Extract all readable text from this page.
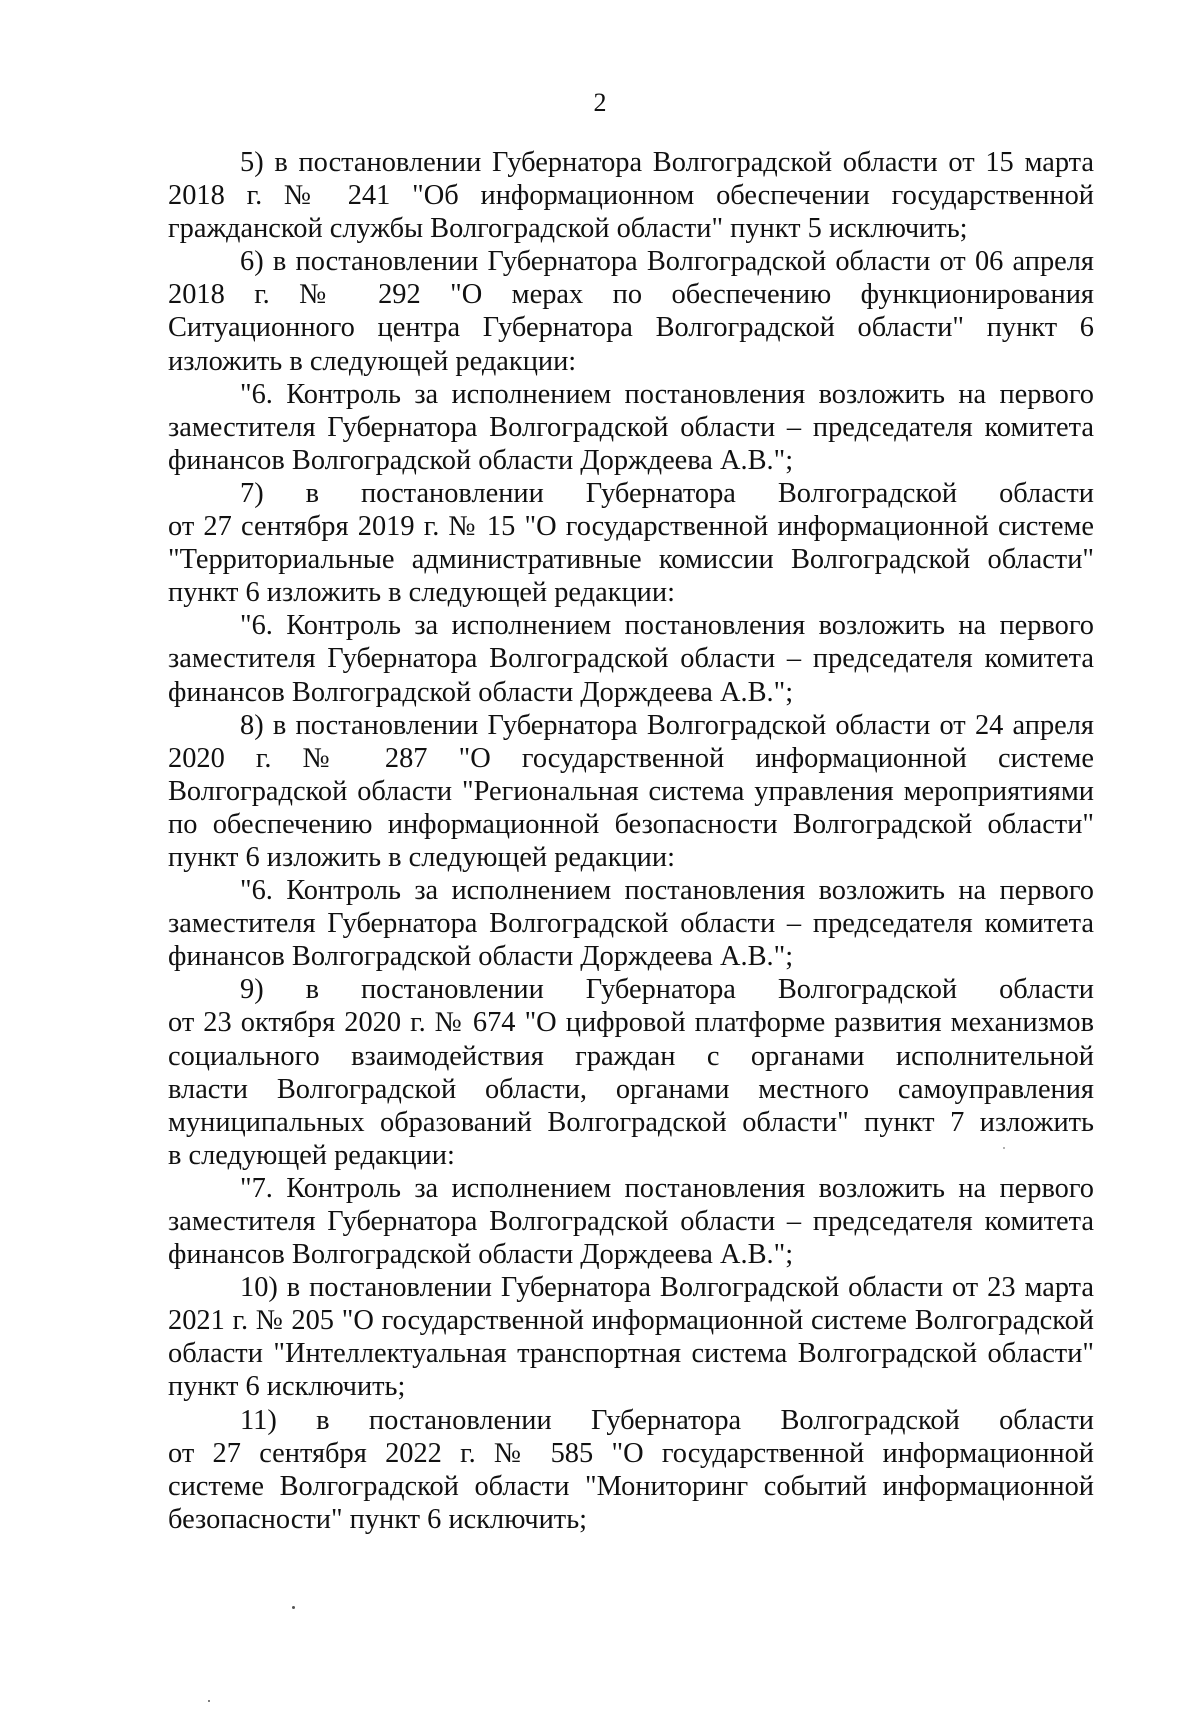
2
5) в постановлении Губернатора Волгоградской области от 15 марта
2018 г. № 241 "Об информационном обеспечении государственной
гражданской службы Волгоградской области" пункт 5 исключить;
6) в постановлении Губернатора Волгоградской области от 06 апреля
2018 г. № 292 "О мерах по обеспечению функционирования
Ситуационного центра Губернатора Волгоградской области" пункт 6
изложить в следующей редакции:
"6. Контроль за исполнением постановления возложить на первого
заместителя Губернатора Волгоградской области – председателя комитета
финансов Волгоградской области Дорждеева А.В.";
7) в постановлении Губернатора Волгоградской области
от 27 сентября 2019 г. № 15 "О государственной информационной системе
"Территориальные административные комиссии Волгоградской области"
пункт 6 изложить в следующей редакции:
"6. Контроль за исполнением постановления возложить на первого
заместителя Губернатора Волгоградской области – председателя комитета
финансов Волгоградской области Дорждеева А.В.";
8) в постановлении Губернатора Волгоградской области от 24 апреля
2020 г. № 287 "О государственной информационной системе
Волгоградской области "Региональная система управления мероприятиями
по обеспечению информационной безопасности Волгоградской области"
пункт 6 изложить в следующей редакции:
"6. Контроль за исполнением постановления возложить на первого
заместителя Губернатора Волгоградской области – председателя комитета
финансов Волгоградской области Дорждеева А.В.";
9) в постановлении Губернатора Волгоградской области
от 23 октября 2020 г. № 674 "О цифровой платформе развития механизмов
социального взаимодействия граждан с органами исполнительной
власти Волгоградской области, органами местного самоуправления
муниципальных образований Волгоградской области" пункт 7 изложить
в следующей редакции:
"7. Контроль за исполнением постановления возложить на первого
заместителя Губернатора Волгоградской области – председателя комитета
финансов Волгоградской области Дорждеева А.В.";
10) в постановлении Губернатора Волгоградской области от 23 марта
2021 г. № 205 "О государственной информационной системе Волгоградской
области "Интеллектуальная транспортная система Волгоградской области"
пункт 6 исключить;
11) в постановлении Губернатора Волгоградской области
от 27 сентября 2022 г. № 585 "О государственной информационной
системе Волгоградской области "Мониторинг событий информационной
безопасности" пункт 6 исключить;
